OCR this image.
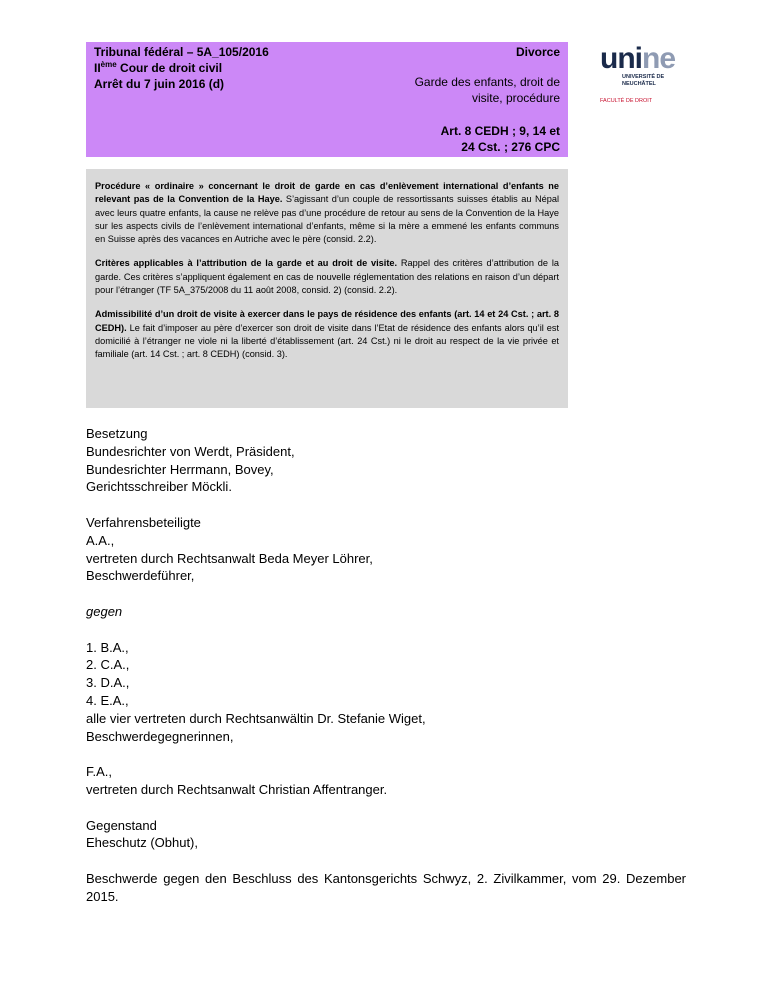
Tribunal fédéral – 5A_105/2016
IIème Cour de droit civil
Arrêt du 7 juin 2016 (d)
Divorce
Garde des enfants, droit de
visite, procédure
Art. 8 CEDH ; 9, 14 et
24 Cst. ; 276 CPC
unine
UNIVERSITÉ DE
NEUCHÂTEL
FACULTÉ DE DROIT

Procédure « ordinaire » concernant le droit de garde en cas d’enlèvement international d’enfants ne relevant pas de la Convention de la Haye. S’agissant d’un couple de ressortissants suisses établis au Népal avec leurs quatre enfants, la cause ne relève pas d’une procédure de retour au sens de la Convention de la Haye sur les aspects civils de l’enlèvement international d’enfants, même si la mère a emmené les enfants communs en Suisse après des vacances en Autriche avec le père (consid. 2.2).

Critères applicables à l’attribution de la garde et au droit de visite. Rappel des critères d’attribution de la garde. Ces critères s’appliquent également en cas de nouvelle réglementation des relations en raison d’un départ pour l’étranger (TF 5A_375/2008 du 11 août 2008, consid. 2) (consid. 2.2).

Admissibilité d’un droit de visite à exercer dans le pays de résidence des enfants (art. 14 et 24 Cst. ; art. 8 CEDH). Le fait d’imposer au père d’exercer son droit de visite dans l’Etat de résidence des enfants alors qu’il est domicilié à l’étranger ne viole ni la liberté d’établissement (art. 24 Cst.) ni le droit au respect de la vie privée et familiale (art. 14 Cst. ; art. 8 CEDH) (consid. 3).

Besetzung
Bundesrichter von Werdt, Präsident,
Bundesrichter Herrmann, Bovey,
Gerichtsschreiber Möckli.

Verfahrensbeteiligte
A.A.,
vertreten durch Rechtsanwalt Beda Meyer Löhrer,
Beschwerdeführer,

gegen

1. B.A.,
2. C.A.,
3. D.A.,
4. E.A.,
alle vier vertreten durch Rechtsanwältin Dr. Stefanie Wiget,
Beschwerdegegnerinnen,

F.A.,
vertreten durch Rechtsanwalt Christian Affentranger.

Gegenstand
Eheschutz (Obhut),

Beschwerde gegen den Beschluss des Kantonsgerichts Schwyz, 2. Zivilkammer, vom 29. Dezember 2015.
